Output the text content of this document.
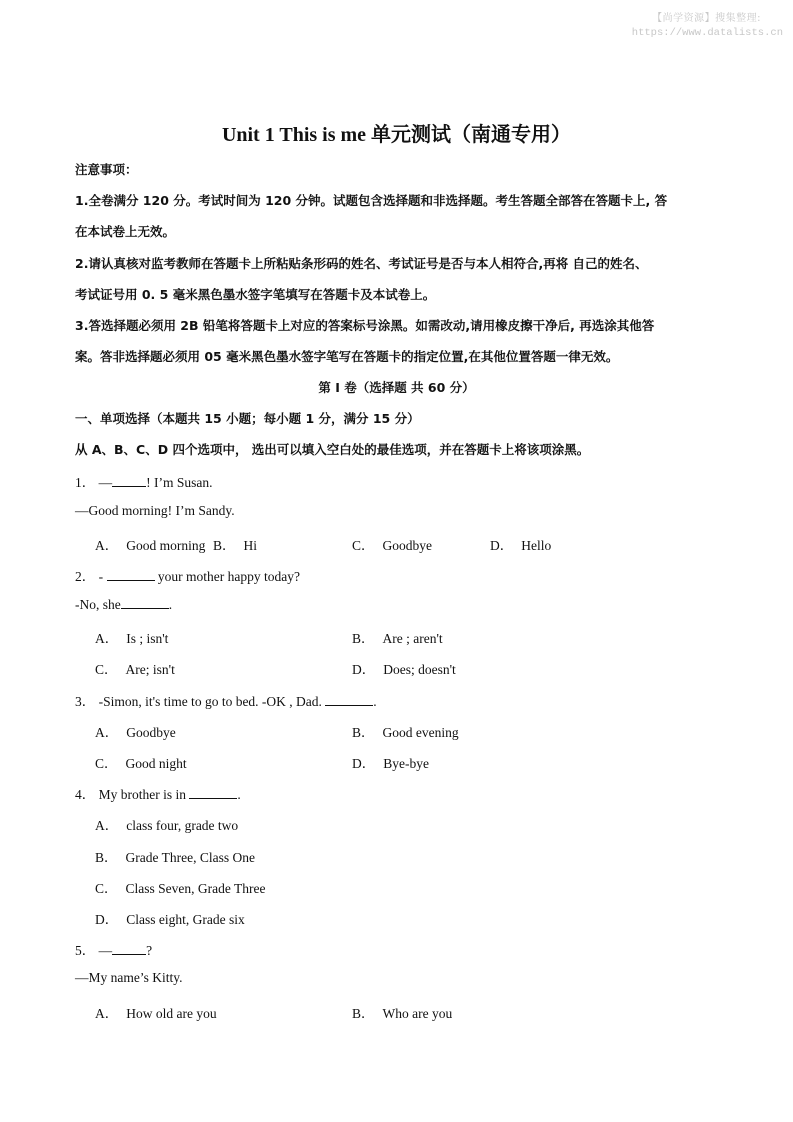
【尚学资源】搜集整理:
https://www.datalists.cn
Unit 1 This is me 单元测试（南通专用）
注意事项：
1.全卷满分 120 分。考试时间为 120 分钟。试题包含选择题和非选择题。考生答题全部答在答题卡上, 答
在本试卷上无效。
2.请认真核对监考教师在答题卡上所粘贴条形码的姓名、考试证号是否与本人相符合,再将 自己的姓名、
考试证号用 0. 5 毫米黑色墨水签字笔填写在答题卡及本试卷上。
3.答选择题必须用 2B 铅笔将答题卡上对应的答案标号涂黑。如需改动,请用橡皮擦干净后, 再选涂其他答
案。答非选择题必须用 05 毫米黑色墨水签字笔写在答题卡的指定位置,在其他位置答题一律无效。
第 I 卷（选择题 共 60 分）
一、单项选择（本题共 15 小题；每小题 1 分，满分 15 分）
从 A、B、C、D 四个选项中， 选出可以填入空白处的最佳选项，并在答题卡上将该项涂黑。
1． —	! I’m Susan.
—Good morning! I’m Sandy.
A． Good morning B． Hi	C． Goodbye	D． Hello
2． -	your mother happy today?
-No, she	.
A． Is ; isn't	B． Are ; aren't
C． Are; isn't	D． Does; doesn't
3． -Simon, it's time to go to bed. -OK , Dad.	.
A． Goodbye	B． Good evening
C． Good night	D． Bye-bye
4． My brother is in	.
A． class four, grade two
B． Grade Three, Class One
C． Class Seven, Grade Three
D． Class eight, Grade six
5． —	?
—My name’s Kitty.
A． How old are you	B． Who are you
